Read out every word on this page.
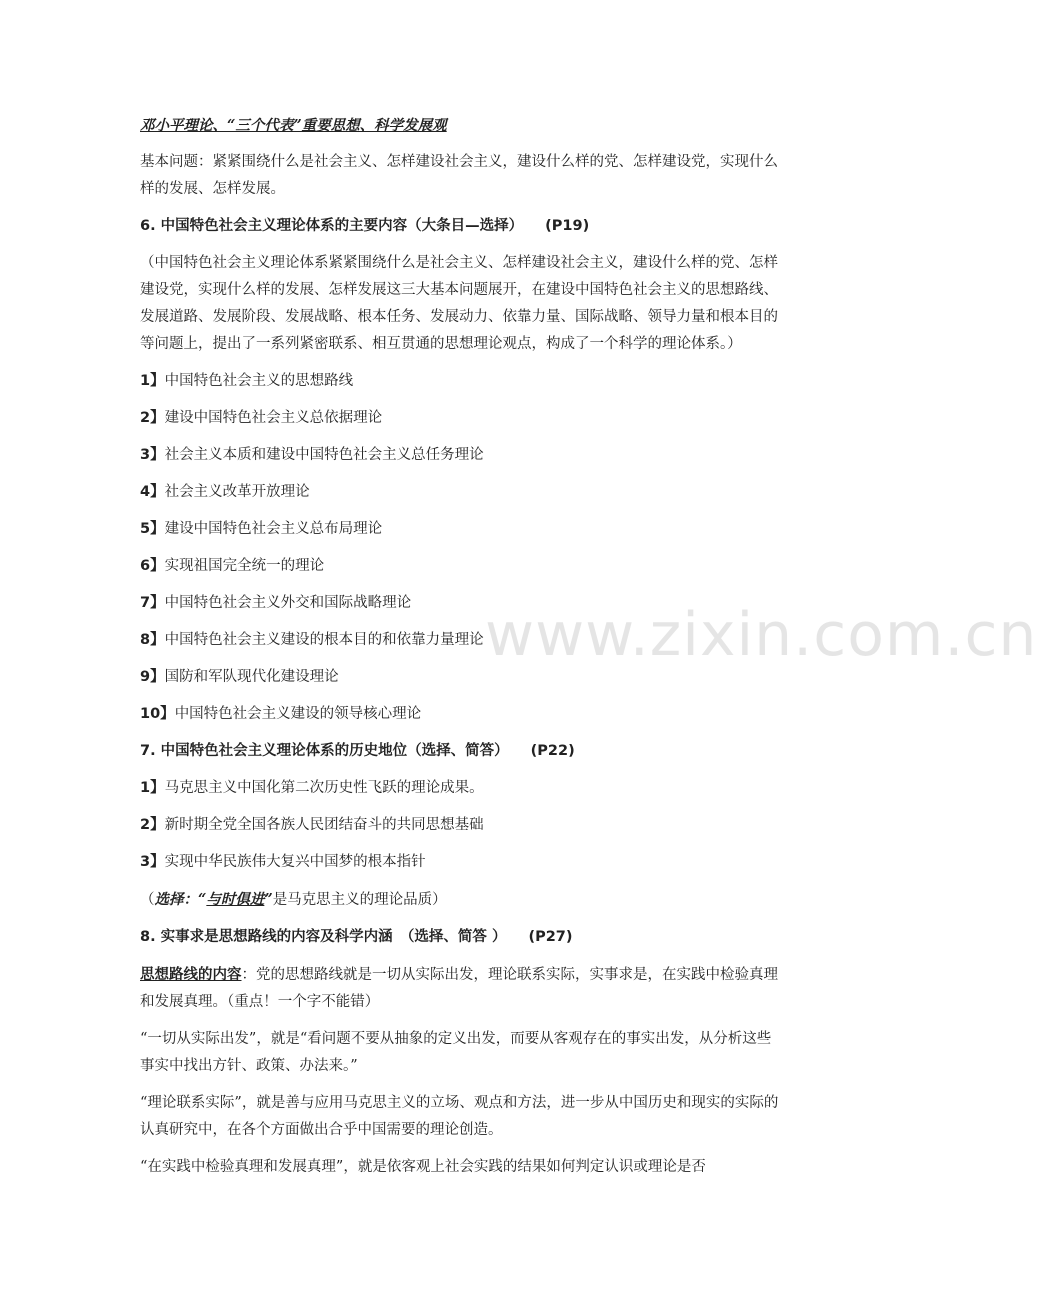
邓小平理论、“三个代表”重要思想、科学发展观

基本问题：紧紧围绕什么是社会主义、怎样建设社会主义，建设什么样的党、怎样建设党，实现什么样的发展、怎样发展。

6. 中国特色社会主义理论体系的主要内容（大条目—选择） (P19)

（中国特色社会主义理论体系紧紧围绕什么是社会主义、怎样建设社会主义，建设什么样的党、怎样建设党，实现什么样的发展、怎样发展这三大基本问题展开，在建设中国特色社会主义的思想路线、发展道路、发展阶段、发展战略、根本任务、发展动力、依靠力量、国际战略、领导力量和根本目的等问题上，提出了一系列紧密联系、相互贯通的思想理论观点，构成了一个科学的理论体系。）

1】中国特色社会主义的思想路线

2】建设中国特色社会主义总依据理论

3】社会主义本质和建设中国特色社会主义总任务理论

4】社会主义改革开放理论

5】建设中国特色社会主义总布局理论

6】实现祖国完全统一的理论

7】中国特色社会主义外交和国际战略理论

8】中国特色社会主义建设的根本目的和依靠力量理论

9】国防和军队现代化建设理论

10】中国特色社会主义建设的领导核心理论

7. 中国特色社会主义理论体系的历史地位（选择、简答） (P22)

1】马克思主义中国化第二次历史性飞跃的理论成果。

2】新时期全党全国各族人民团结奋斗的共同思想基础

3】实现中华民族伟大复兴中国梦的根本指针

（选择：“与时俱进”是马克思主义的理论品质）

8. 实事求是思想路线的内容及科学内涵　（选择、简答 ） (P27)

思想路线的内容：党的思想路线就是一切从实际出发，理论联系实际，实事求是，在实践中检验真理和发展真理。（重点！一个字不能错）

“一切从实际出发”，就是“看问题不要从抽象的定义出发，而要从客观存在的事实出发，从分析这些事实中找出方针、政策、办法来。”

“理论联系实际”，就是善与应用马克思主义的立场、观点和方法，进一步从中国历史和现实的实际的认真研究中，在各个方面做出合乎中国需要的理论创造。

“在实践中检验真理和发展真理”，就是依客观上社会实践的结果如何判定认识或理论是否

www.zixin.com.cn
